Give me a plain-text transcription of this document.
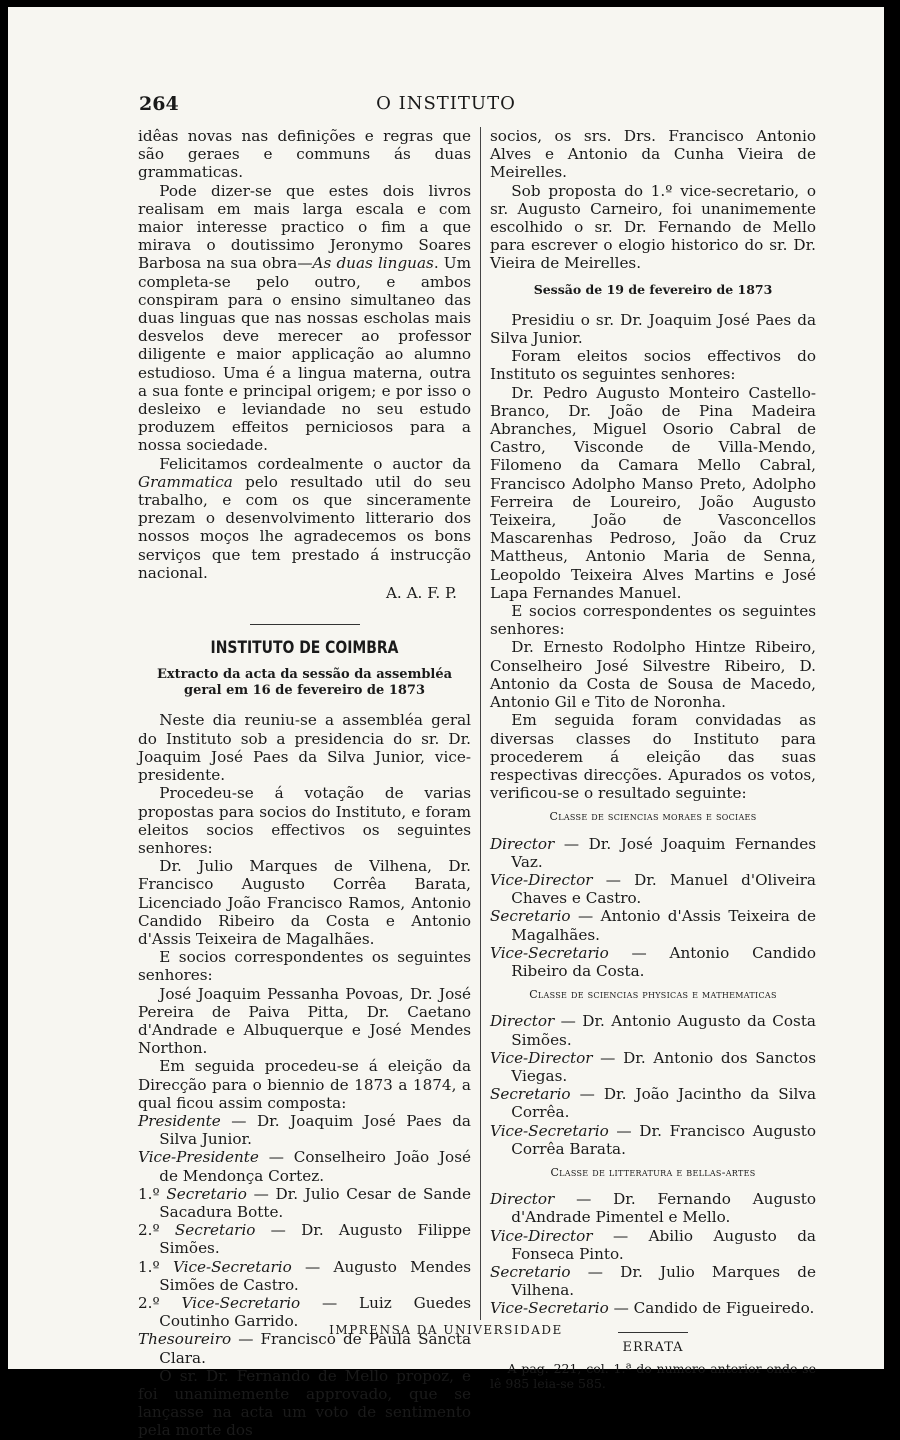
264	O INSTITUTO

idêas novas nas definições e regras que são geraes e communs ás duas grammaticas.

Pode dizer-se que estes dois livros realisam em mais larga escala e com maior interesse practico o fim a que mirava o doutissimo Jeronymo Soares Barbosa na sua obra—As duas linguas. Um completa-se pelo outro, e ambos conspiram para o ensino simultaneo das duas linguas que nas nossas escholas mais desvelos deve merecer ao professor diligente e maior applicação ao alumno estudioso. Uma é a lingua materna, outra a sua fonte e principal origem; e por isso o desleixo e leviandade no seu estudo produzem effeitos perniciosos para a nossa sociedade.

Felicitamos cordealmente o auctor da Grammatica pelo resultado util do seu trabalho, e com os que sinceramente prezam o desenvolvimento litterario dos nossos moços lhe agradecemos os bons serviços que tem prestado á instrucção nacional.

A. A. F. P.
INSTITUTO DE COIMBRA
Extracto da acta da sessão da assembléa geral em 16 de fevereiro de 1873

Neste dia reuniu-se a assembléa geral do Instituto sob a presidencia do sr. Dr. Joaquim José Paes da Silva Junior, vice-presidente.

Procedeu-se á votação de varias propostas para socios do Instituto, e foram eleitos socios effectivos os seguintes senhores:

Dr. Julio Marques de Vilhena, Dr. Francisco Augusto Corrêa Barata, Licenciado João Francisco Ramos, Antonio Candido Ribeiro da Costa e Antonio d'Assis Teixeira de Magalhães.

E socios correspondentes os seguintes senhores:

José Joaquim Pessanha Povoas, Dr. José Pereira de Paiva Pitta, Dr. Caetano d'Andrade e Albuquerque e José Mendes Northon.

Em seguida procedeu-se á eleição da Direcção para o biennio de 1873 a 1874, a qual ficou assim composta:

Presidente — Dr. Joaquim José Paes da Silva Junior.

Vice-Presidente — Conselheiro João José de Mendonça Cortez.

1.º Secretario — Dr. Julio Cesar de Sande Sacadura Botte.

2.º Secretario — Dr. Augusto Filippe Simões.

1.º Vice-Secretario — Augusto Mendes Simões de Castro.

2.º Vice-Secretario — Luiz Guedes Coutinho Garrido.

Thesoureiro — Francisco de Paula Sancta Clara.

O sr. Dr. Fernando de Mello propoz, e foi unanimemente approvado, que se lançasse na acta um voto de sentimento pela morte dos

socios, os srs. Drs. Francisco Antonio Alves e Antonio da Cunha Vieira de Meirelles.

Sob proposta do 1.º vice-secretario, o sr. Augusto Carneiro, foi unanimemente escolhido o sr. Dr. Fernando de Mello para escrever o elogio historico do sr. Dr. Vieira de Meirelles.

Sessão de 19 de fevereiro de 1873

Presidiu o sr. Dr. Joaquim José Paes da Silva Junior.

Foram eleitos socios effectivos do Instituto os seguintes senhores:

Dr. Pedro Augusto Monteiro Castello-Branco, Dr. João de Pina Madeira Abranches, Miguel Osorio Cabral de Castro, Visconde de Villa-Mendo, Filomeno da Camara Mello Cabral, Francisco Adolpho Manso Preto, Adolpho Ferreira de Loureiro, João Augusto Teixeira, João de Vasconcellos Mascarenhas Pedroso, João da Cruz Mattheus, Antonio Maria de Senna, Leopoldo Teixeira Alves Martins e José Lapa Fernandes Manuel.

E socios correspondentes os seguintes senhores:

Dr. Ernesto Rodolpho Hintze Ribeiro, Conselheiro José Silvestre Ribeiro, D. Antonio da Costa de Sousa de Macedo, Antonio Gil e Tito de Noronha.

Em seguida foram convidadas as diversas classes do Instituto para procederem á eleição das suas respectivas direcções. Apurados os votos, verificou-se o resultado seguinte:

Classe de sciencias moraes e sociaes

Director — Dr. José Joaquim Fernandes Vaz.

Vice-Director — Dr. Manuel d'Oliveira Chaves e Castro.

Secretario — Antonio d'Assis Teixeira de Magalhães.

Vice-Secretario — Antonio Candido Ribeiro da Costa.

Classe de sciencias physicas e mathematicas

Director — Dr. Antonio Augusto da Costa Simões.

Vice-Director — Dr. Antonio dos Sanctos Viegas.

Secretario — Dr. João Jacintho da Silva Corrêa.

Vice-Secretario — Dr. Francisco Augusto Corrêa Barata.

Classe de litteratura e bellas-artes

Director — Dr. Fernando Augusto d'Andrade Pimentel e Mello.

Vice-Director — Abilio Augusto da Fonseca Pinto.

Secretario — Dr. Julio Marques de Vilhena.

Vice-Secretario — Candido de Figueiredo.

ERRATA

A pag. 221, col. 1.ª do numero anterior onde se lê 985 leia-se 585.

IMPRENSA DA UNIVERSIDADE
